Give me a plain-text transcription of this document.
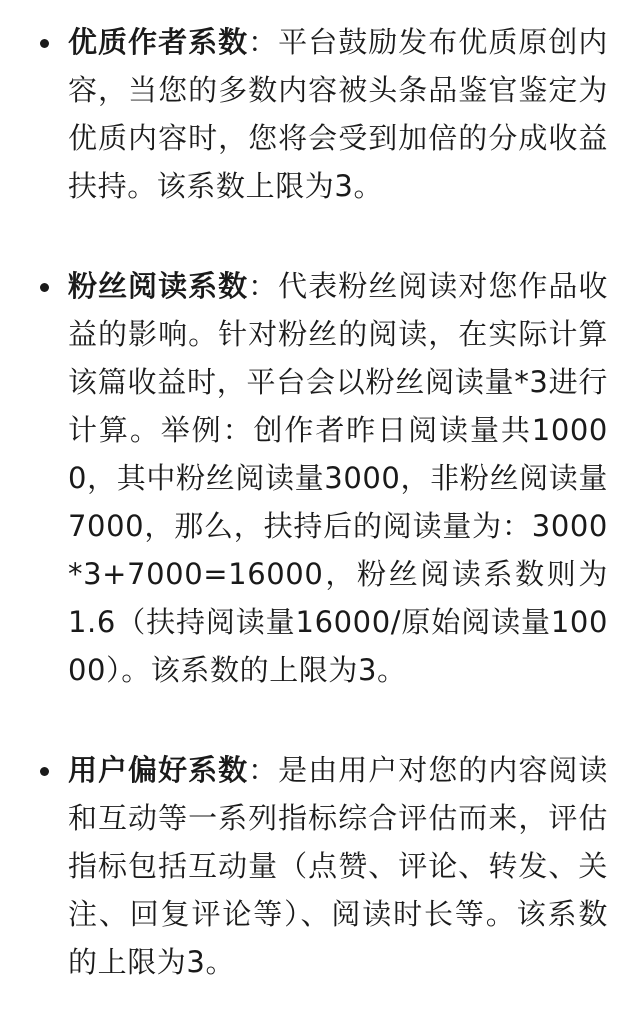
优质作者系数：平台鼓励发布优质原创内容，当您的多数内容被头条品鉴官鉴定为优质内容时，您将会受到加倍的分成收益扶持。该系数上限为3。
粉丝阅读系数：代表粉丝阅读对您作品收益的影响。针对粉丝的阅读，在实际计算该篇收益时，平台会以粉丝阅读量*3进行计算。举例：创作者昨日阅读量共10000，其中粉丝阅读量3000，非粉丝阅读量7000，那么，扶持后的阅读量为：3000*3+7000=16000，粉丝阅读系数则为1.6（扶持阅读量16000/原始阅读量10000）。该系数的上限为3。
用户偏好系数：是由用户对您的内容阅读和互动等一系列指标综合评估而来，评估指标包括互动量（点赞、评论、转发、关注、回复评论等）、阅读时长等。该系数的上限为3。
